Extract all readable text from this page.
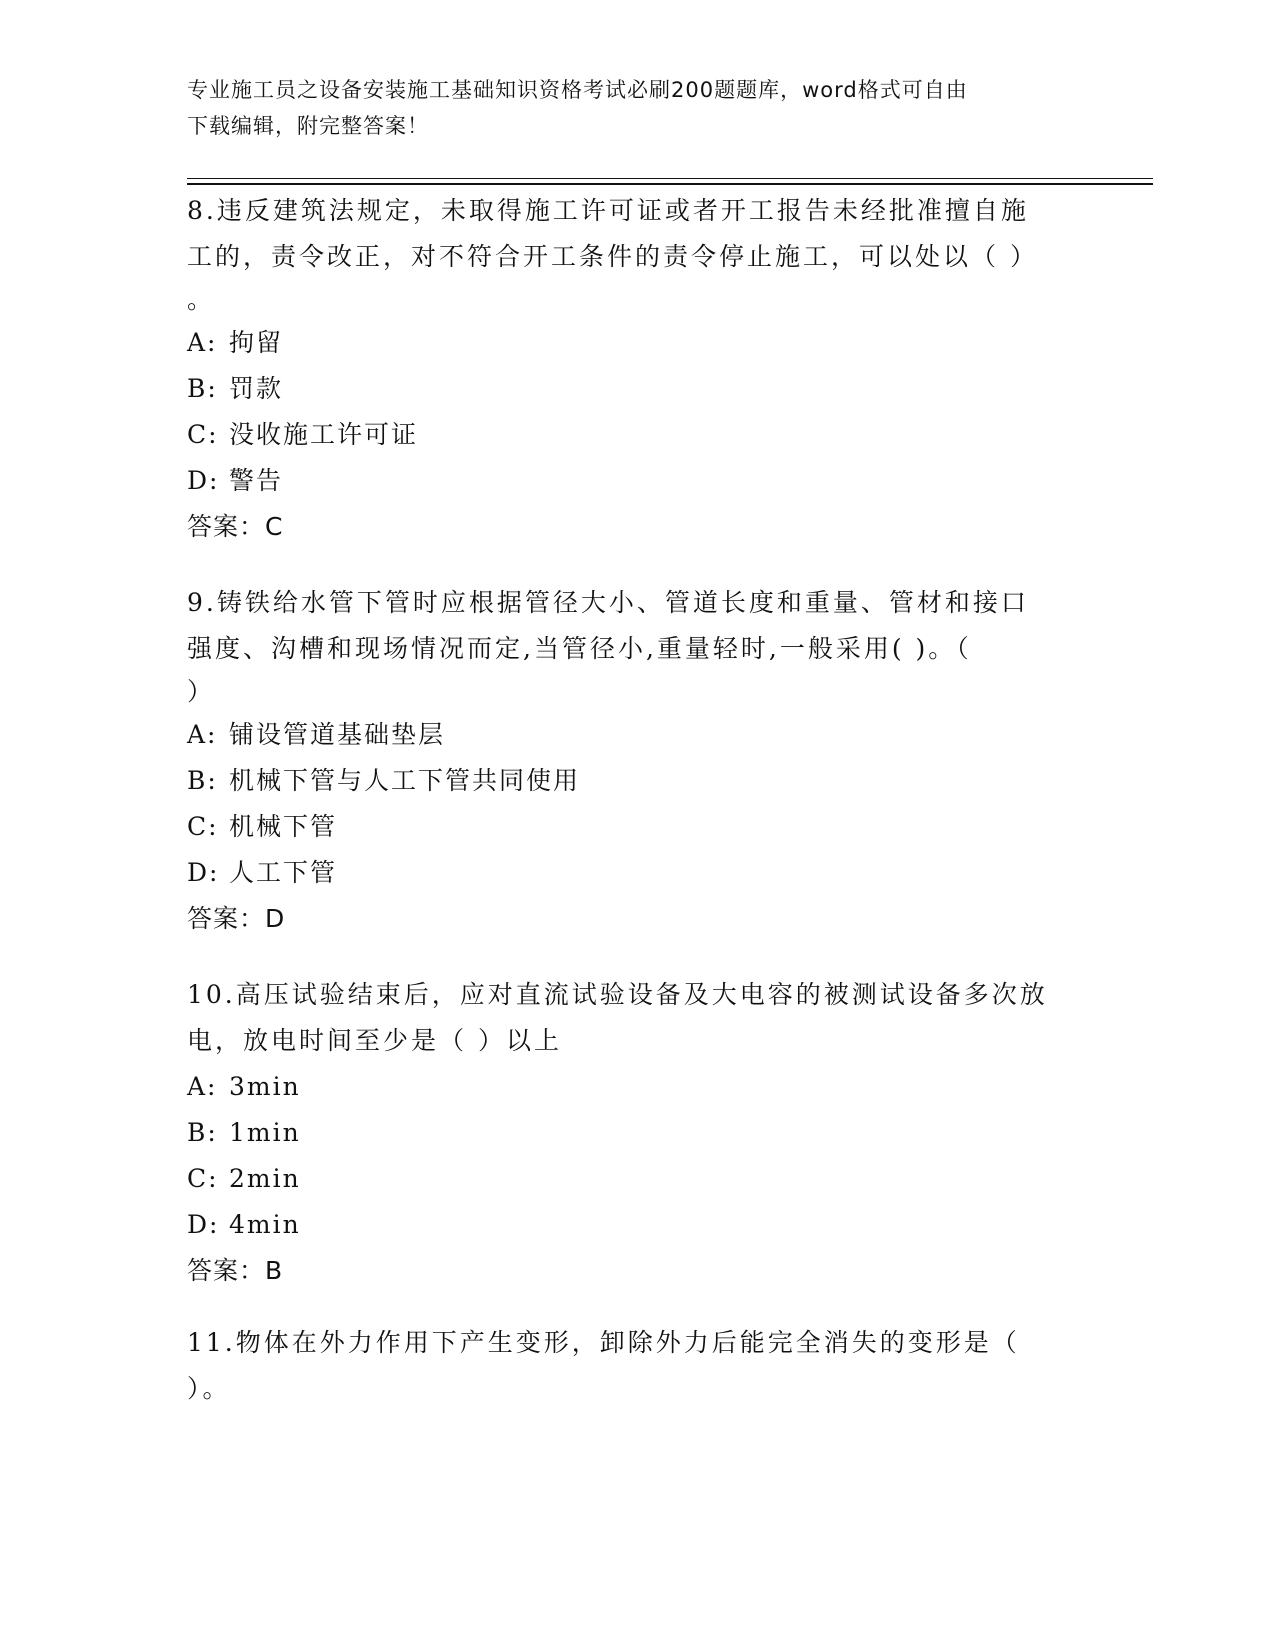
专业施工员之设备安装施工基础知识资格考试必刷200题题库，word格式可自由
下载编辑，附完整答案！

8.违反建筑法规定，未取得施工许可证或者开工报告未经批准擅自施

工的，责令改正，对不符合开工条件的责令停止施工，可以处以（ ）

。

A: 拘留

B: 罚款

C: 没收施工许可证

D: 警告

答案：C

9.铸铁给水管下管时应根据管径大小、管道长度和重量、管材和接口

强度、沟槽和现场情况而定,当管径小,重量轻时,一般采用( )。（

）

A: 铺设管道基础垫层

B: 机械下管与人工下管共同使用

C: 机械下管

D: 人工下管

答案：D

10.高压试验结束后，应对直流试验设备及大电容的被测试设备多次放

电，放电时间至少是（ ）以上

A: 3min

B: 1min

C: 2min

D: 4min

答案：B

11.物体在外力作用下产生变形，卸除外力后能完全消失的变形是（

）。
